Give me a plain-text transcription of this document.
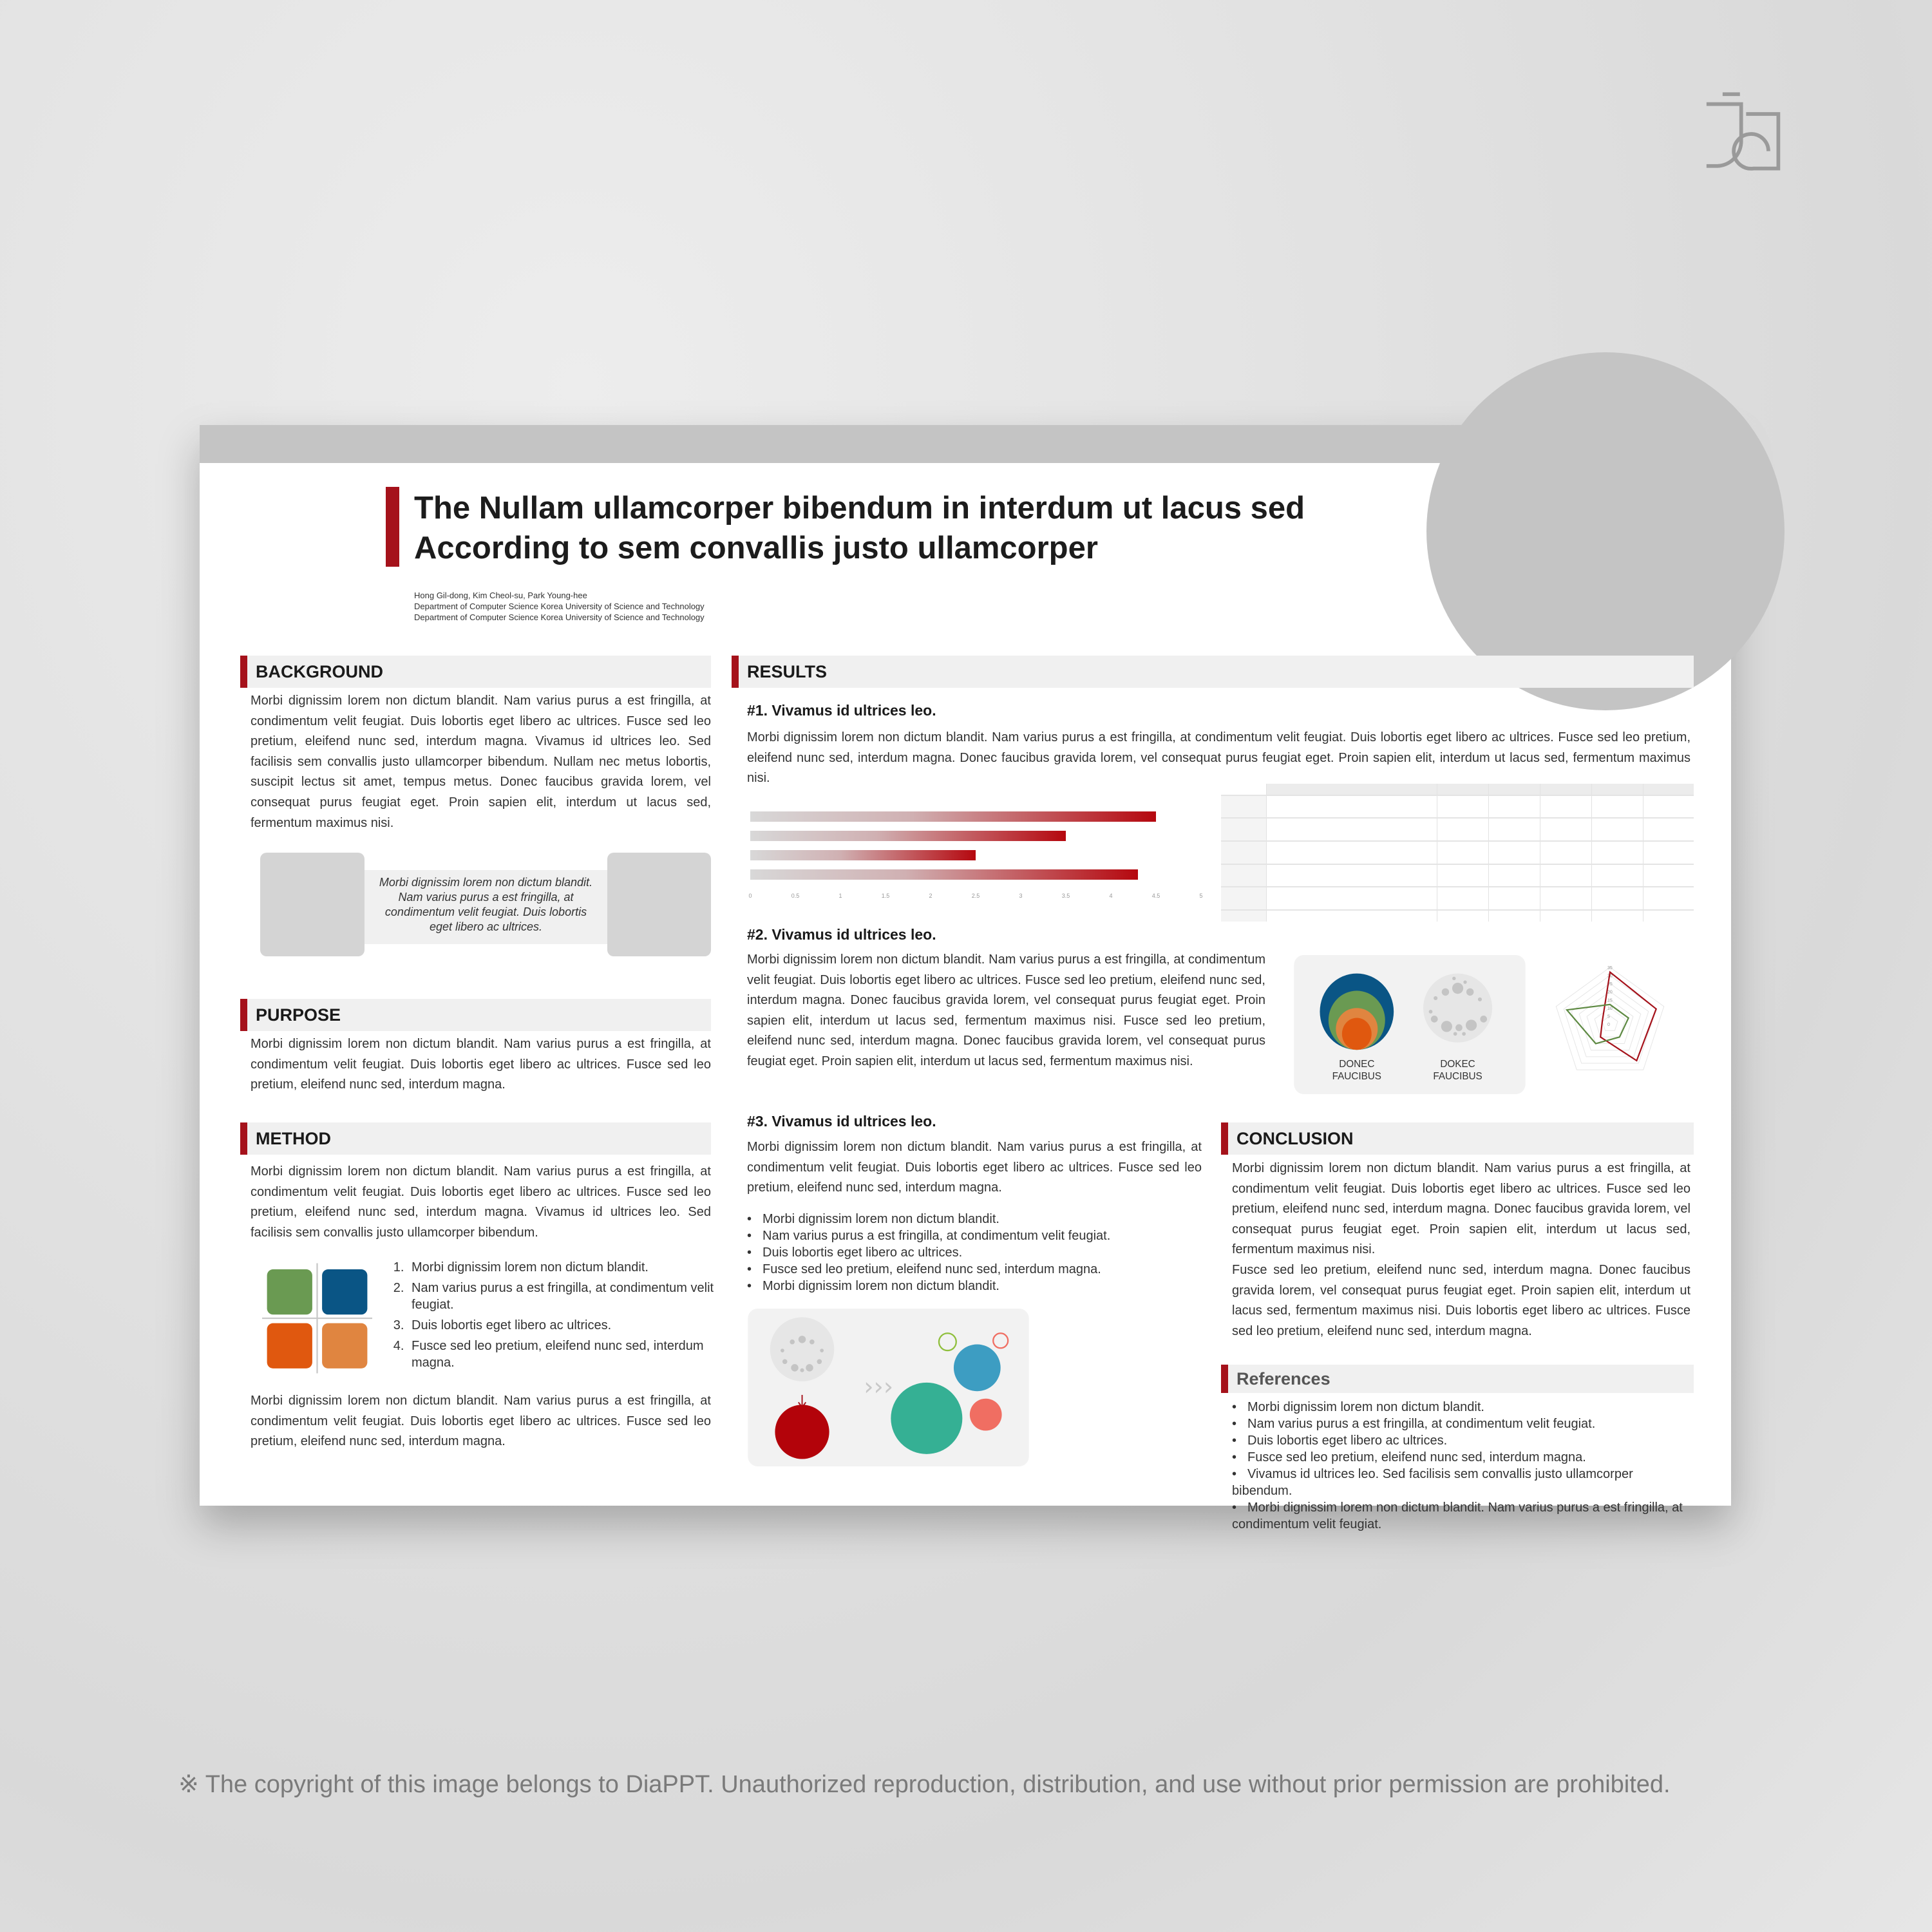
The Nullam ullamcorper bibendum in interdum ut lacus sed
According to sem convallis justo ullamcorper
Hong Gil-dong, Kim Cheol-su, Park Young-hee
Department of Computer Science Korea University of Science and Technology
Department of Computer Science Korea University of Science and Technology
BACKGROUND
Morbi dignissim lorem non dictum blandit. Nam varius purus a est fringilla, at condimentum velit feugiat. Duis lobortis eget libero ac ultrices. Fusce sed leo pretium, eleifend nunc sed, interdum magna. Vivamus id ultrices leo. Sed facilisis sem convallis justo ullamcorper bibendum. Nullam nec metus lobortis, suscipit lectus sit amet, tempus metus. Donec faucibus gravida lorem, vel consequat purus feugiat eget. Proin sapien elit, interdum ut lacus sed, fermentum maximus nisi.
Morbi dignissim lorem non dictum blandit. Nam varius purus a est fringilla, at condimentum velit feugiat. Duis lobortis eget libero ac ultrices.
PURPOSE
Morbi dignissim lorem non dictum blandit. Nam varius purus a est fringilla, at condimentum velit feugiat. Duis lobortis eget libero ac ultrices. Fusce sed leo pretium, eleifend nunc sed, interdum magna.
METHOD
Morbi dignissim lorem non dictum blandit. Nam varius purus a est fringilla, at condimentum velit feugiat. Duis lobortis eget libero ac ultrices. Fusce sed leo pretium, eleifend nunc sed, interdum magna. Vivamus id ultrices leo. Sed facilisis sem convallis justo ullamcorper bibendum.
1. Morbi dignissim lorem non dictum blandit.
2. Nam varius purus a est fringilla, at condimentum velit feugiat.
3. Duis lobortis eget libero ac ultrices.
4. Fusce sed leo pretium, eleifend nunc sed, interdum magna.
Morbi dignissim lorem non dictum blandit. Nam varius purus a est fringilla, at condimentum velit feugiat. Duis lobortis eget libero ac ultrices. Fusce sed leo pretium, eleifend nunc sed, interdum magna.
RESULTS
#1. Vivamus id ultrices leo.
Morbi dignissim lorem non dictum blandit. Nam varius purus a est fringilla, at condimentum velit feugiat. Duis lobortis eget libero ac ultrices. Fusce sed leo pretium, eleifend nunc sed, interdum magna. Donec faucibus gravida lorem, vel consequat purus feugiat eget. Proin sapien elit, interdum ut lacus sed, fermentum maximus nisi.
0	0.5	1	1.5	2	2.5	3	3.5	4	4.5	5

#2. Vivamus id ultrices leo.
Morbi dignissim lorem non dictum blandit. Nam varius purus a est fringilla, at condimentum velit feugiat. Duis lobortis eget libero ac ultrices. Fusce sed leo pretium, eleifend nunc sed, interdum magna. Donec faucibus gravida lorem, vel consequat purus feugiat eget. Proin sapien elit, interdum ut lacus sed, fermentum maximus nisi. Fusce sed leo pretium, eleifend nunc sed, interdum magna. Donec faucibus gravida lorem, vel consequat purus feugiat eget. Proin sapien elit, interdum ut lacus sed, fermentum maximus nisi.	DONEC
FAUCIBUS
DOKEC
FAUCIBUS
0
5
10
15
20
25
30
35
#3. Vivamus id ultrices leo.
Morbi dignissim lorem non dictum blandit. Nam varius purus a est fringilla, at condimentum velit feugiat. Duis lobortis eget libero ac ultrices. Fusce sed leo pretium, eleifend nunc sed, interdum magna.
• Morbi dignissim lorem non dictum blandit.
• Nam varius purus a est fringilla, at condimentum velit feugiat.
• Duis lobortis eget libero ac ultrices.
• Fusce sed leo pretium, eleifend nunc sed, interdum magna.
• Morbi dignissim lorem non dictum blandit.
›››
CONCLUSION
Morbi dignissim lorem non dictum blandit. Nam varius purus a est fringilla, at condimentum velit feugiat. Duis lobortis eget libero ac ultrices. Fusce sed leo pretium, eleifend nunc sed, interdum magna. Donec faucibus gravida lorem, vel consequat purus feugiat eget. Proin sapien elit, interdum ut lacus sed, fermentum maximus nisi.
Fusce sed leo pretium, eleifend nunc sed, interdum magna. Donec faucibus gravida lorem, vel consequat purus feugiat eget. Proin sapien elit, interdum ut lacus sed, fermentum maximus nisi. Duis lobortis eget libero ac ultrices. Fusce sed leo pretium, eleifend nunc sed, interdum magna.
References
• Morbi dignissim lorem non dictum blandit.
• Nam varius purus a est fringilla, at condimentum velit feugiat.
• Duis lobortis eget libero ac ultrices.
• Fusce sed leo pretium, eleifend nunc sed, interdum magna.
• Vivamus id ultrices leo. Sed facilisis sem convallis justo ullamcorper bibendum.
• Morbi dignissim lorem non dictum blandit. Nam varius purus a est fringilla, at condimentum velit feugiat.
※ The copyright of this image belongs to DiaPPT. Unauthorized reproduction, distribution, and use without prior permission are prohibited.
